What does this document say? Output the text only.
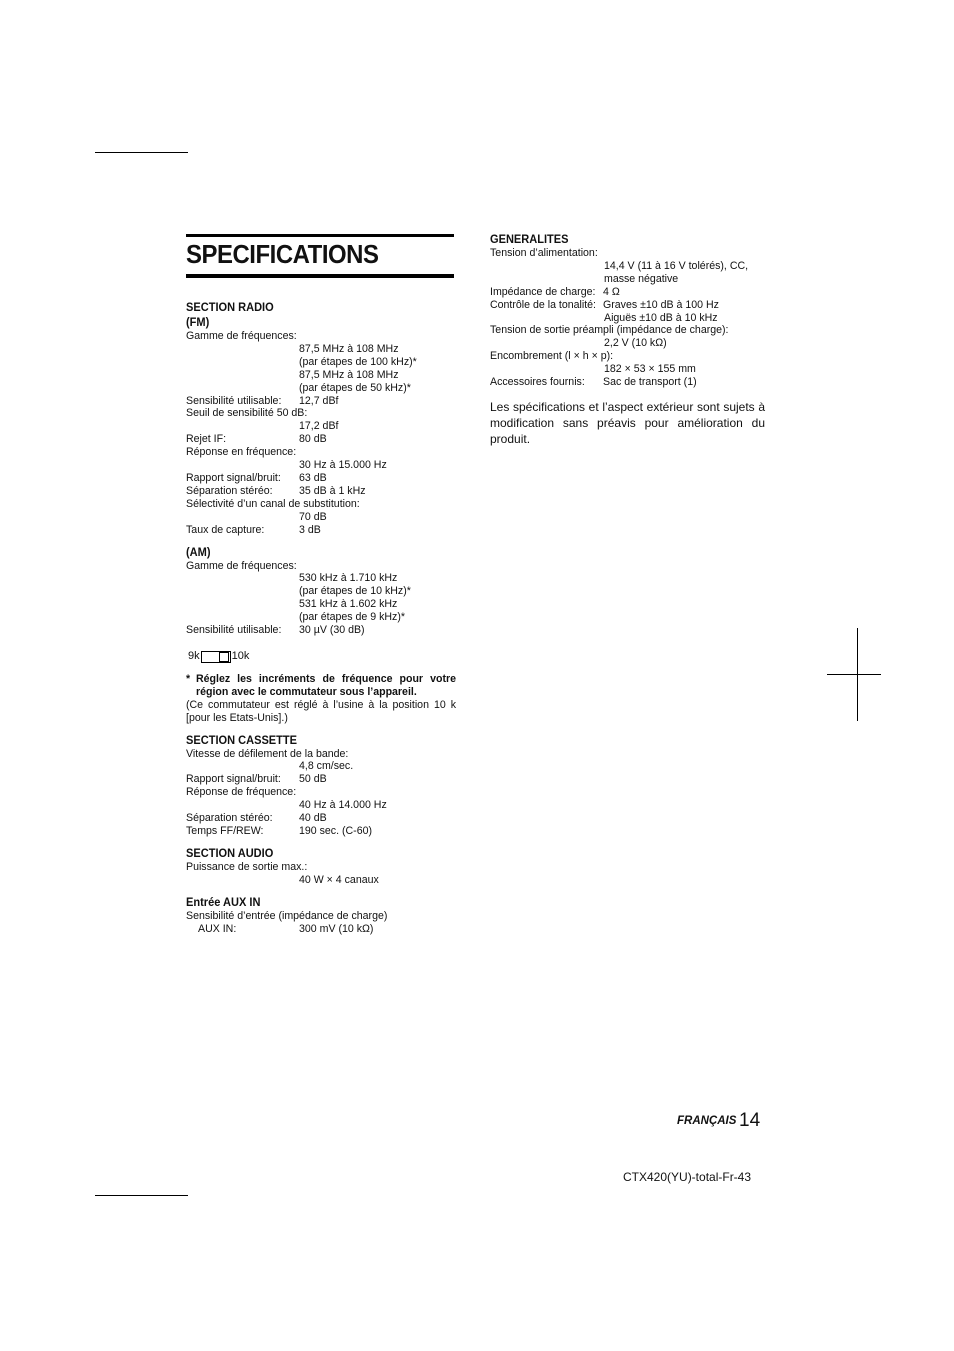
SPECIFICATIONS
SECTION RADIO
(FM)
Gamme de fréquences:
87,5 MHz à 108 MHz
(par étapes de 100 kHz)*
87,5 MHz à 108 MHz
(par étapes de 50 kHz)*
Sensibilité utilisable:	12,7 dBf
Seuil de sensibilité 50 dB:
17,2 dBf
Rejet IF:	80 dB
Réponse en fréquence:
30 Hz à 15.000 Hz
Rapport signal/bruit:	63 dB
Séparation stéréo:	35 dB à 1 kHz
Sélectivité d’un canal de substitution:
70 dB
Taux de capture:	3 dB
(AM)
Gamme de fréquences:
530 kHz à 1.710 kHz
(par étapes de 10 kHz)*
531 kHz à 1.602 kHz
(par étapes de 9 kHz)*
Sensibilité utilisable:	30 µV (30 dB)
9k	10k
* Réglez les incréments de fréquence pour votre région avec le commutateur sous l’appareil.
(Ce commutateur est réglé à l’usine à la position 10 k [pour les Etats-Unis].)
SECTION CASSETTE
Vitesse de défilement de la bande:
4,8 cm/sec.
Rapport signal/bruit:	50 dB
Réponse de fréquence:
40 Hz à 14.000 Hz
Séparation stéréo:	40 dB
Temps FF/REW:	190 sec. (C-60)
SECTION AUDIO
Puissance de sortie max.:
40 W × 4 canaux
Entrée AUX IN
Sensibilité d’entrée (impédance de charge)
AUX IN:	300 mV (10 kΩ)
GENERALITES
Tension d’alimentation:
14,4 V (11 à 16 V tolérés), CC,
masse négative
Impédance de charge: 4 Ω
Contrôle de la tonalité: Graves ±10 dB à 100 Hz
Aiguës ±10 dB à 10 kHz
Tension de sortie préampli (impédance de charge):
2,2 V (10 kΩ)
Encombrement (l × h × p):
182 × 53 × 155 mm
Accessoires fournis:	Sac de transport (1)
Les spécifications et l’aspect extérieur sont sujets à modification sans préavis pour amélioration du produit.
FRANÇAIS 14
CTX420(YU)-total-Fr-43
